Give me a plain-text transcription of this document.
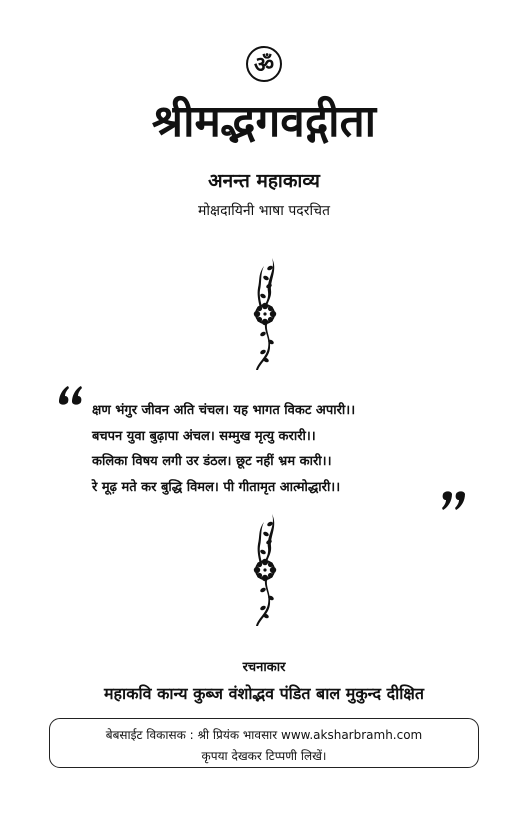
ॐ
श्रीमद्भगवद्गीता
अनन्त महाकाव्य
मोक्षदायिनी भाषा पदरचित
क्षण भंगुर जीवन अति चंचल। यह भागत विकट अपारी।।
बचपन युवा बुढ़ापा अंचल। सम्मुख मृत्यु करारी।।
कलिका विषय लगी उर डंठल। छूट नहीं भ्रम कारी।।
रे मूढ़ मते कर बुद्धि विमल। पी गीतामृत आत्मोद्धारी।।
रचनाकार
महाकवि कान्य कुब्ज वंशोद्भव पंडित बाल मुकुन्द दीक्षित
बेबसाईट विकासक : श्री प्रियंक भावसार www.aksharbramh.com
कृपया देखकर टिप्पणी लिखें।
